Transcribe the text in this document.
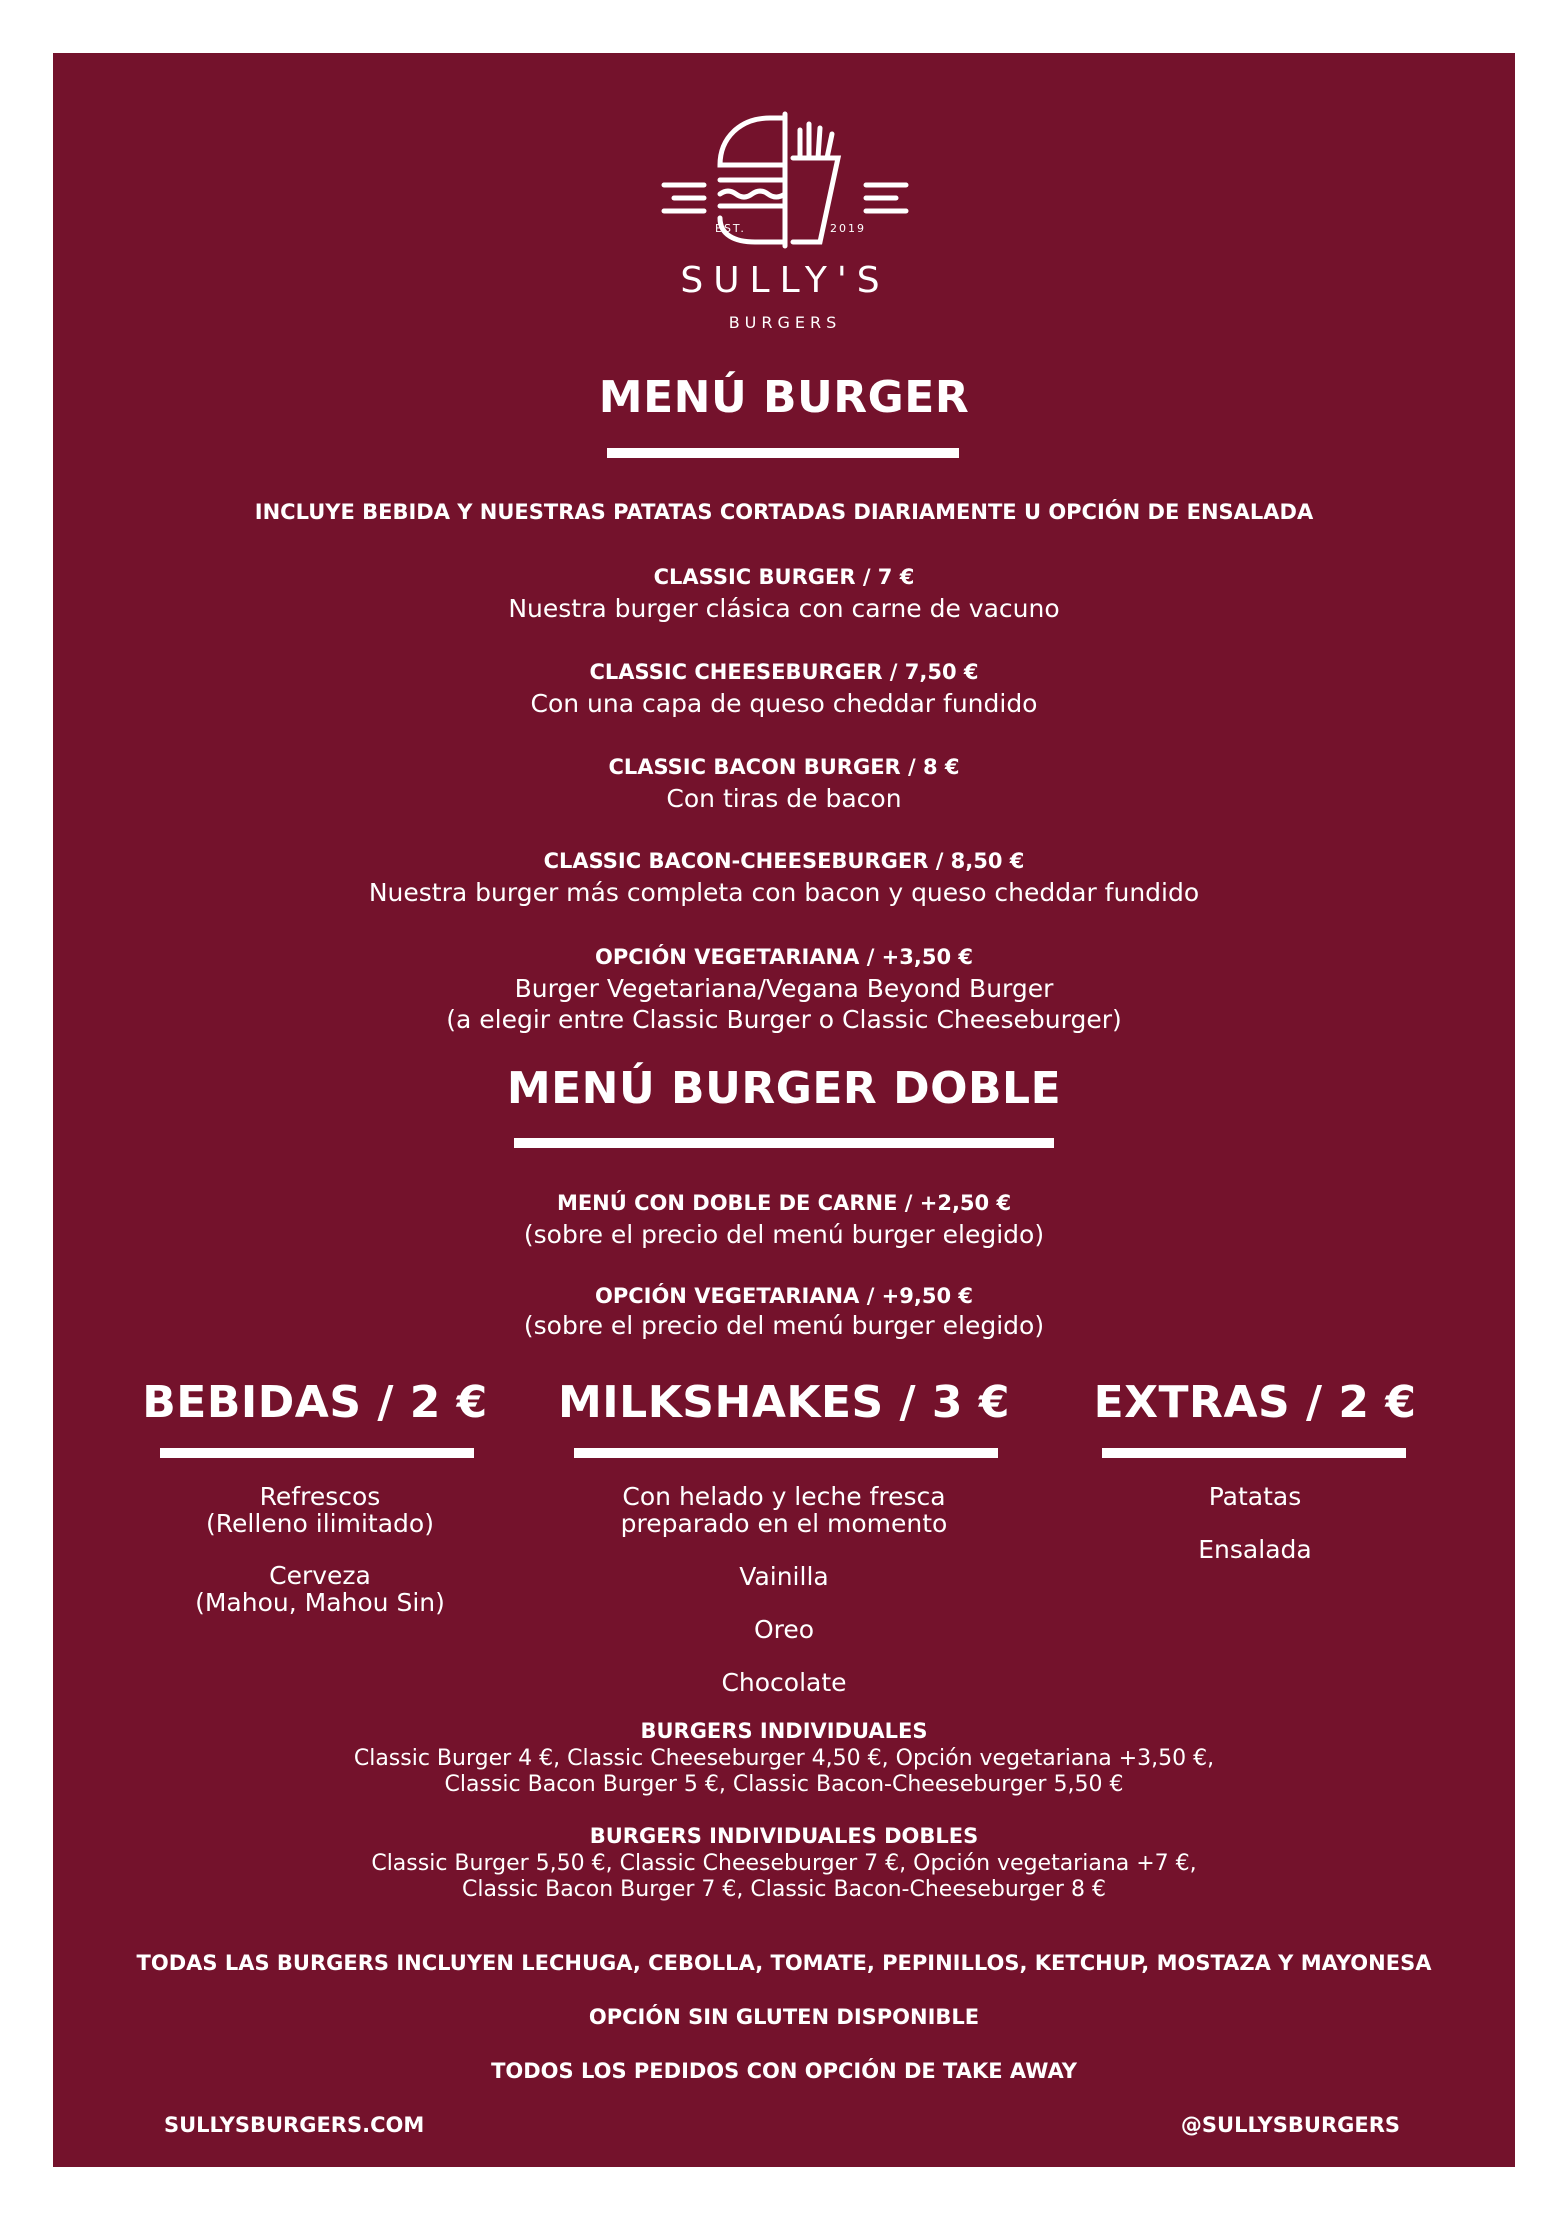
EST.	2019
SULLY'S
BURGERS
MENÚ BURGER
INCLUYE BEBIDA Y NUESTRAS PATATAS CORTADAS DIARIAMENTE U OPCIÓN DE ENSALADA
CLASSIC BURGER / 7 €
Nuestra burger clásica con carne de vacuno
CLASSIC CHEESEBURGER / 7,50 €
Con una capa de queso cheddar fundido
CLASSIC BACON BURGER / 8 €
Con tiras de bacon
CLASSIC BACON-CHEESEBURGER / 8,50 €
Nuestra burger más completa con bacon y queso cheddar fundido
OPCIÓN VEGETARIANA / +3,50 €
Burger Vegetariana/Vegana Beyond Burger
(a elegir entre Classic Burger o Classic Cheeseburger)
MENÚ BURGER DOBLE
MENÚ CON DOBLE DE CARNE / +2,50 €
(sobre el precio del menú burger elegido)
OPCIÓN VEGETARIANA / +9,50 €
(sobre el precio del menú burger elegido)
BEBIDAS / 2 €
Refrescos
(Relleno ilimitado)
Cerveza
(Mahou, Mahou Sin)
MILKSHAKES / 3 €
Con helado y leche fresca
preparado en el momento
Vainilla
Oreo
Chocolate
EXTRAS / 2 €
Patatas
Ensalada
BURGERS INDIVIDUALES
Classic Burger 4 €, Classic Cheeseburger 4,50 €, Opción vegetariana +3,50 €,
Classic Bacon Burger 5 €, Classic Bacon-Cheeseburger 5,50 €
BURGERS INDIVIDUALES DOBLES
Classic Burger 5,50 €, Classic Cheeseburger 7 €, Opción vegetariana +7 €,
Classic Bacon Burger 7 €, Classic Bacon-Cheeseburger 8 €
TODAS LAS BURGERS INCLUYEN LECHUGA, CEBOLLA, TOMATE, PEPINILLOS, KETCHUP, MOSTAZA Y MAYONESA
OPCIÓN SIN GLUTEN DISPONIBLE
TODOS LOS PEDIDOS CON OPCIÓN DE TAKE AWAY
SULLYSBURGERS.COM	@SULLYSBURGERS
